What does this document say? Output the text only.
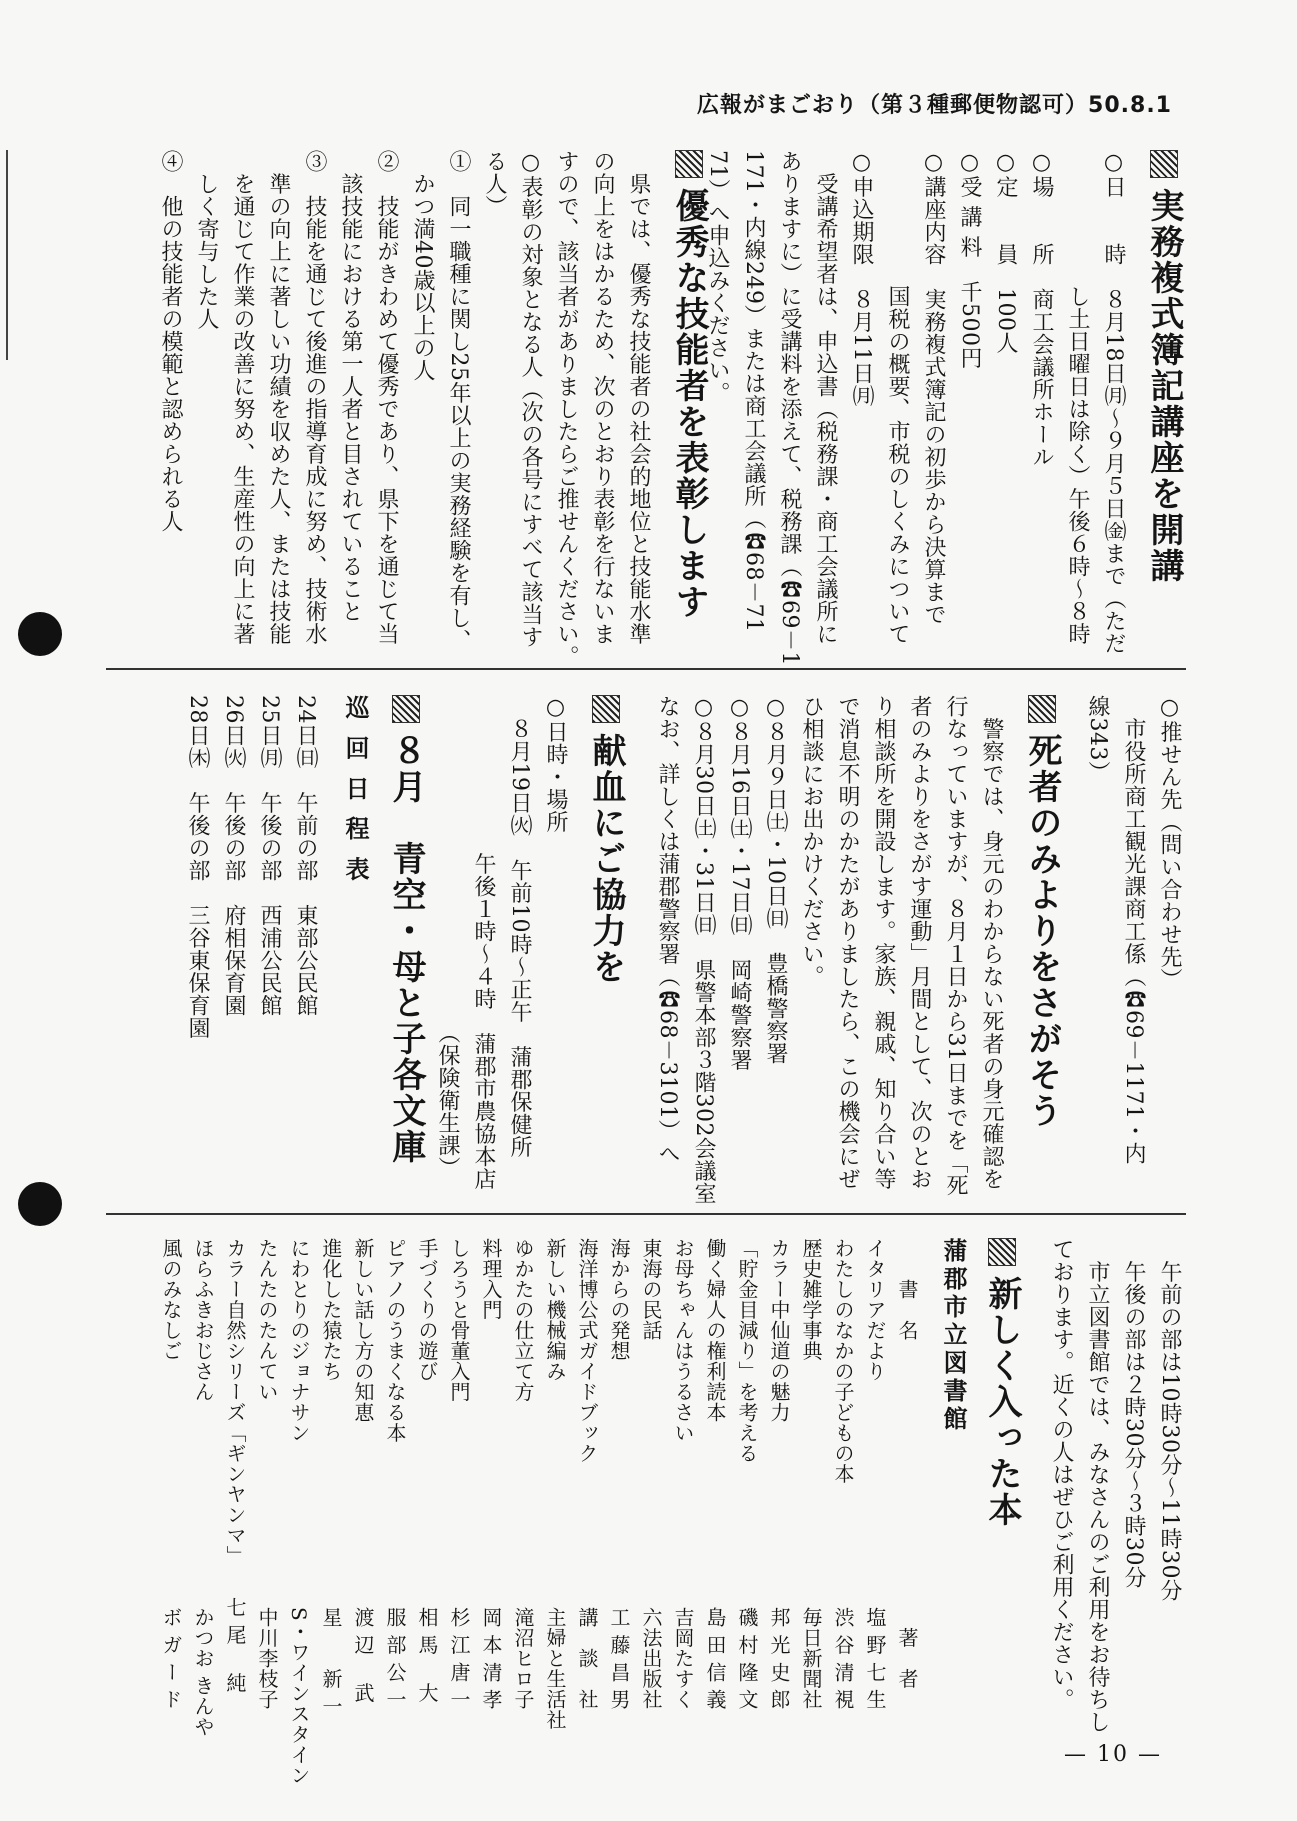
広報がまごおり（第３種郵便物認可）50.8.1
実務複式簿記講座を開講
○日　　時　８月18日㈪～９月５日㈮まで（ただ
　　　　　　し土日曜日は除く）午後６時～８時
○場　　所　商工会議所ホール
○定　　員　100人
○受 講 料　千500円
○講座内容　実務複式簿記の初歩から決算まで
　　　　　　国税の概要、市税のしくみについて
○申込期限　８月11日㈪
　受講希望者は、申込書（税務課・商工会議所に
ありますに）に受講料を添えて、税務課（☎69－1
171・内線249）または商工会議所（☎68－71
71）へ申込みください。
優秀な技能者を表彰します
　県では、優秀な技能者の社会的地位と技能水準
の向上をはかるため、次のとおり表彰を行ないま
すので、該当者がありましたらご推せんください。
○表彰の対象となる人（次の各号にすべて該当す
る人）
①　同一職種に関し25年以上の実務経験を有し、
　かつ満40歳以上の人
②　技能がきわめて優秀であり、県下を通じて当
　該技能における第一人者と目されていること
③　技能を通じて後進の指導育成に努め、技術水
　準の向上に著しい功績を収めた人、または技能
　を通じて作業の改善に努め、生産性の向上に著
　しく寄与した人
④　他の技能者の模範と認められる人
○推せん先（問い合わせ先）
　市役所商工観光課商工係（☎69－1171・内
線343）
死者のみよりをさがそう
　警察では、身元のわからない死者の身元確認を
行なっていますが、８月１日から31日までを「死
者のみよりをさがす運動」月間として、次のとお
り相談所を開設します。家族、親戚、知り合い等
で消息不明のかたがありましたら、この機会にぜ
ひ相談にお出かけください。
○８月９日㈯・10日㈰　豊橋警察署
○８月16日㈯・17日㈰　岡崎警察署
○８月30日㈯・31日㈰　県警本部３階302会議室
なお、詳しくは蒲郡警察署（☎68－3101）へ
献血にご協力を
○日時・場所
　８月19日㈫　午前10時～正午　蒲郡保健所
　　　　　　　午後１時～４時　蒲郡市農協本店
　　　　　　　　　　　　　　　（保険衛生課）
８月　青空・母と子各文庫
巡 回 日 程 表
24日㈰　午前の部　東部公民館
25日㈪　午後の部　西浦公民館
26日㈫　午後の部　府相保育園
28日㈭　午後の部　三谷東保育園
　午前の部は10時30分～11時30分
　午後の部は２時30分～３時30分
　市立図書館では、みなさんのご利用をお待ちし
ております。近くの人はぜひご利用ください。
新しく入った本
蒲郡市立図書館
　　書　名　　　　　　　　　　　　　　著　者
イタリアだより　　　　　　　　　　　塩 野 七 生
わたしのなかの子どもの本　　　　　　渋 谷 清 視
歴史雑学事典　　　　　　　　　　　　毎日新聞社
カラー中仙道の魅力　　　　　　　　　邦 光 史 郎
「貯金目減り」を考える　　　　　　　磯 村 隆 文
働く婦人の権利読本　　　　　　　　　島 田 信 義
お母ちゃんはうるさい　　　　　　　　吉岡たすく
東海の民話　　　　　　　　　　　　　六法出版社
海からの発想　　　　　　　　　　　　工 藤 昌 男
海洋博公式ガイドブック　　　　　　　講　談　社
新しい機械編み　　　　　　　　　　　主婦と生活社
ゆかたの仕立て方　　　　　　　　　　滝沼ヒロ子
料理入門　　　　　　　　　　　　　　岡 本 清 孝
しろうと骨董入門　　　　　　　　　　杉 江 唐 一
手づくりの遊び　　　　　　　　　　　相 馬　 大
ピアノのうまくなる本　　　　　　　　服 部 公 一
新しい話し方の知恵　　　　　　　　　渡 辺　 武
進化した猿たち　　　　　　　　　　　星　　新 一
にわとりのジョナサン　　　　　　　　S・ワインスタイン
たんたのたんてい　　　　　　　　　　中川李枝子
カラー自然シリーズ「ギンヤンマ」　　七 尾　 純
ほらふきおじさん　　　　　　　　　　かつお きんや
風のみなしご　　　　　　　　　　　　ボ ガ ー ド
— 10 —
